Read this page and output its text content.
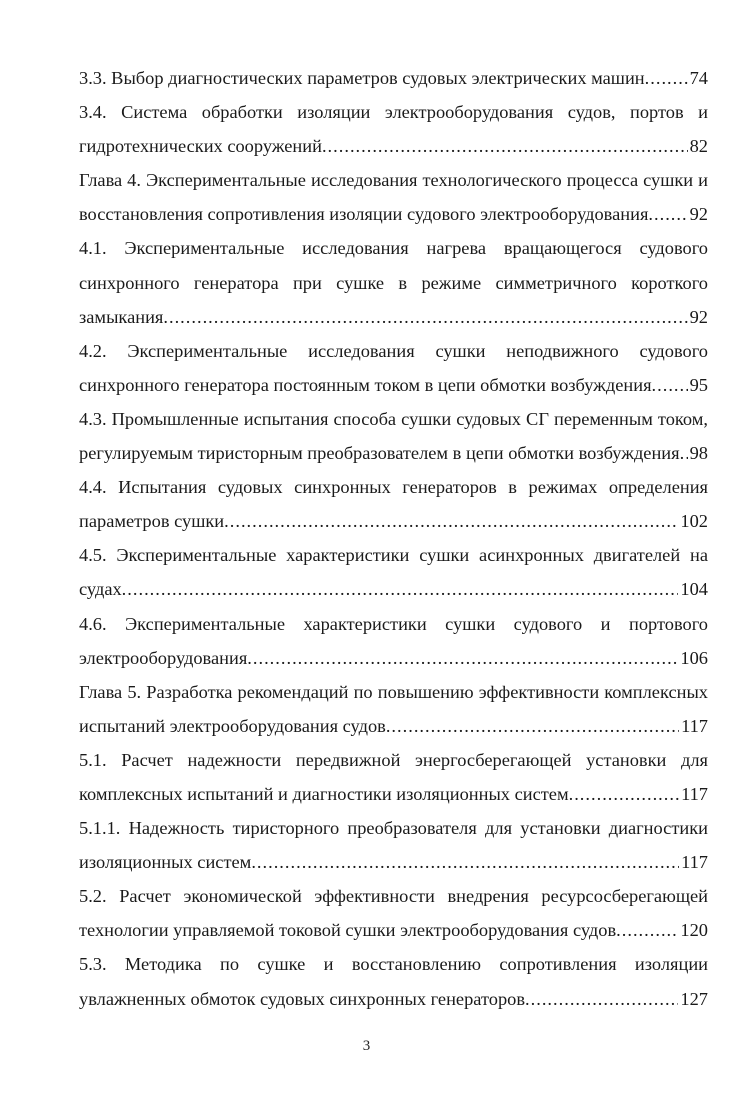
3.3. Выбор диагностических параметров судовых электрических машин ..... 74
3.4. Система обработки изоляции электрооборудования судов, портов и
гидротехнических сооружений .....	82
Глава 4. Экспериментальные исследования технологического процесса сушки и
восстановления сопротивления изоляции судового электрооборудования ..... 92
4.1. Экспериментальные исследования нагрева вращающегося судового
синхронного генератора при сушке в режиме симметричного короткого
замыкания .....	92
4.2. Экспериментальные исследования сушки неподвижного судового
синхронного генератора постоянным током в цепи обмотки возбуждения ..... 95
4.3. Промышленные испытания способа сушки судовых СГ переменным током,
регулируемым тиристорным преобразователем в цепи обмотки возбуждения ..... 98
4.4. Испытания судовых синхронных генераторов в режимах определения
параметров сушки .....	102
4.5. Экспериментальные характеристики сушки асинхронных двигателей на
судах .....	104
4.6. Экспериментальные характеристики сушки судового и портового
электрооборудования .....	106
Глава 5. Разработка рекомендаций по повышению эффективности комплексных
испытаний электрооборудования судов .....	117
5.1. Расчет надежности передвижной энергосберегающей установки для
комплексных испытаний и диагностики изоляционных систем .....	117
5.1.1. Надежность тиристорного преобразователя для установки диагностики
изоляционных систем .....	117
5.2. Расчет экономической эффективности внедрения ресурсосберегающей
технологии управляемой токовой сушки электрооборудования судов .....	120
5.3. Методика по сушке и восстановлению сопротивления изоляции
увлажненных обмоток судовых синхронных генераторов .....	127
3
